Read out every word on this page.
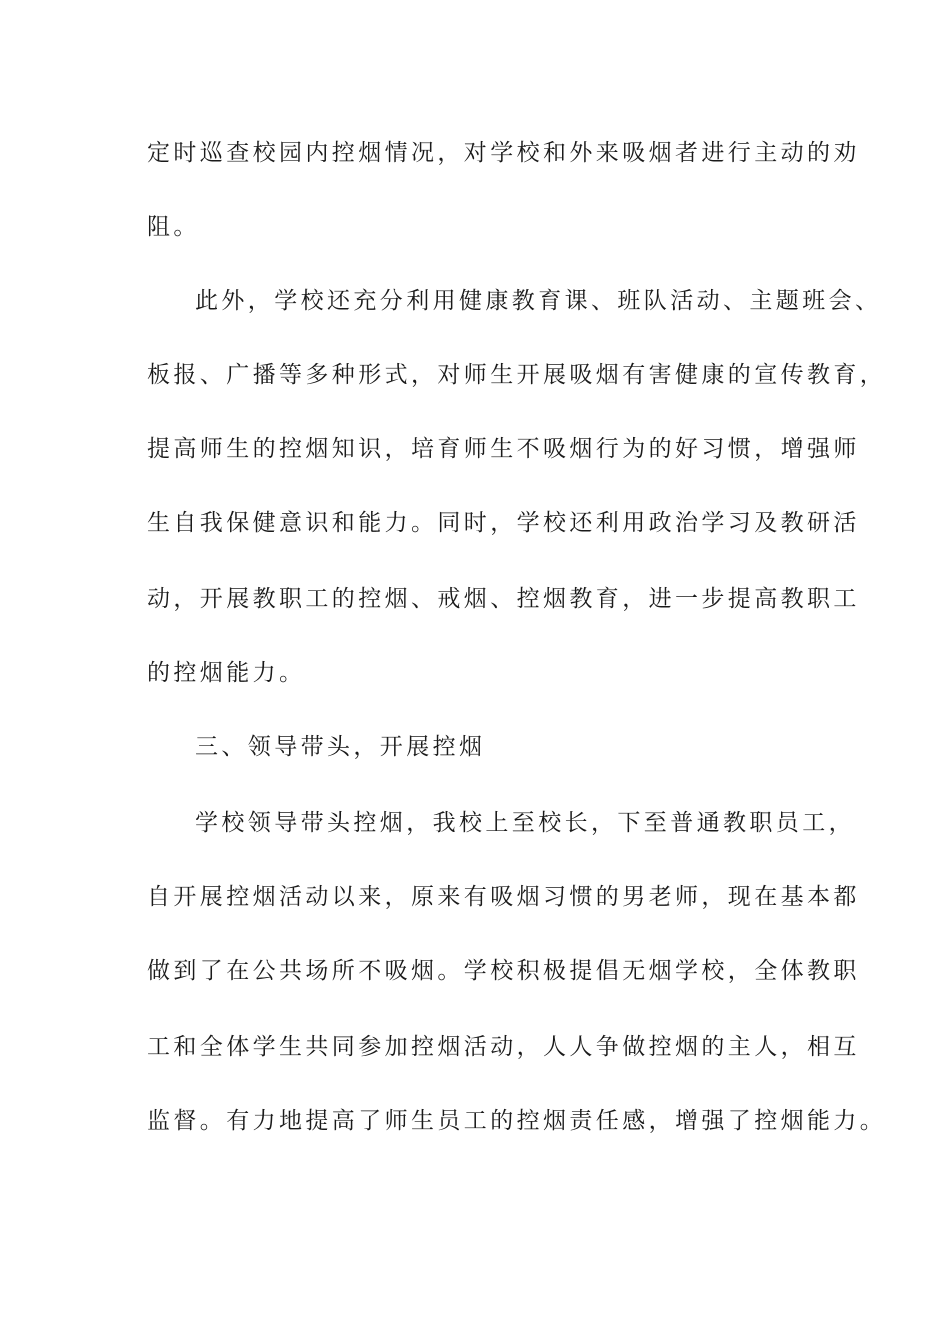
定时巡查校园内控烟情况，对学校和外来吸烟者进行主动的劝
阻。
此外，学校还充分利用健康教育课、班队活动、主题班会、
板报、广播等多种形式，对师生开展吸烟有害健康的宣传教育，
提高师生的控烟知识，培育师生不吸烟行为的好习惯，增强师
生自我保健意识和能力。同时，学校还利用政治学习及教研活
动，开展教职工的控烟、戒烟、控烟教育，进一步提高教职工
的控烟能力。
三、领导带头，开展控烟
学校领导带头控烟，我校上至校长，下至普通教职员工，
自开展控烟活动以来，原来有吸烟习惯的男老师，现在基本都
做到了在公共场所不吸烟。学校积极提倡无烟学校，全体教职
工和全体学生共同参加控烟活动，人人争做控烟的主人，相互
监督。有力地提高了师生员工的控烟责任感，增强了控烟能力。
